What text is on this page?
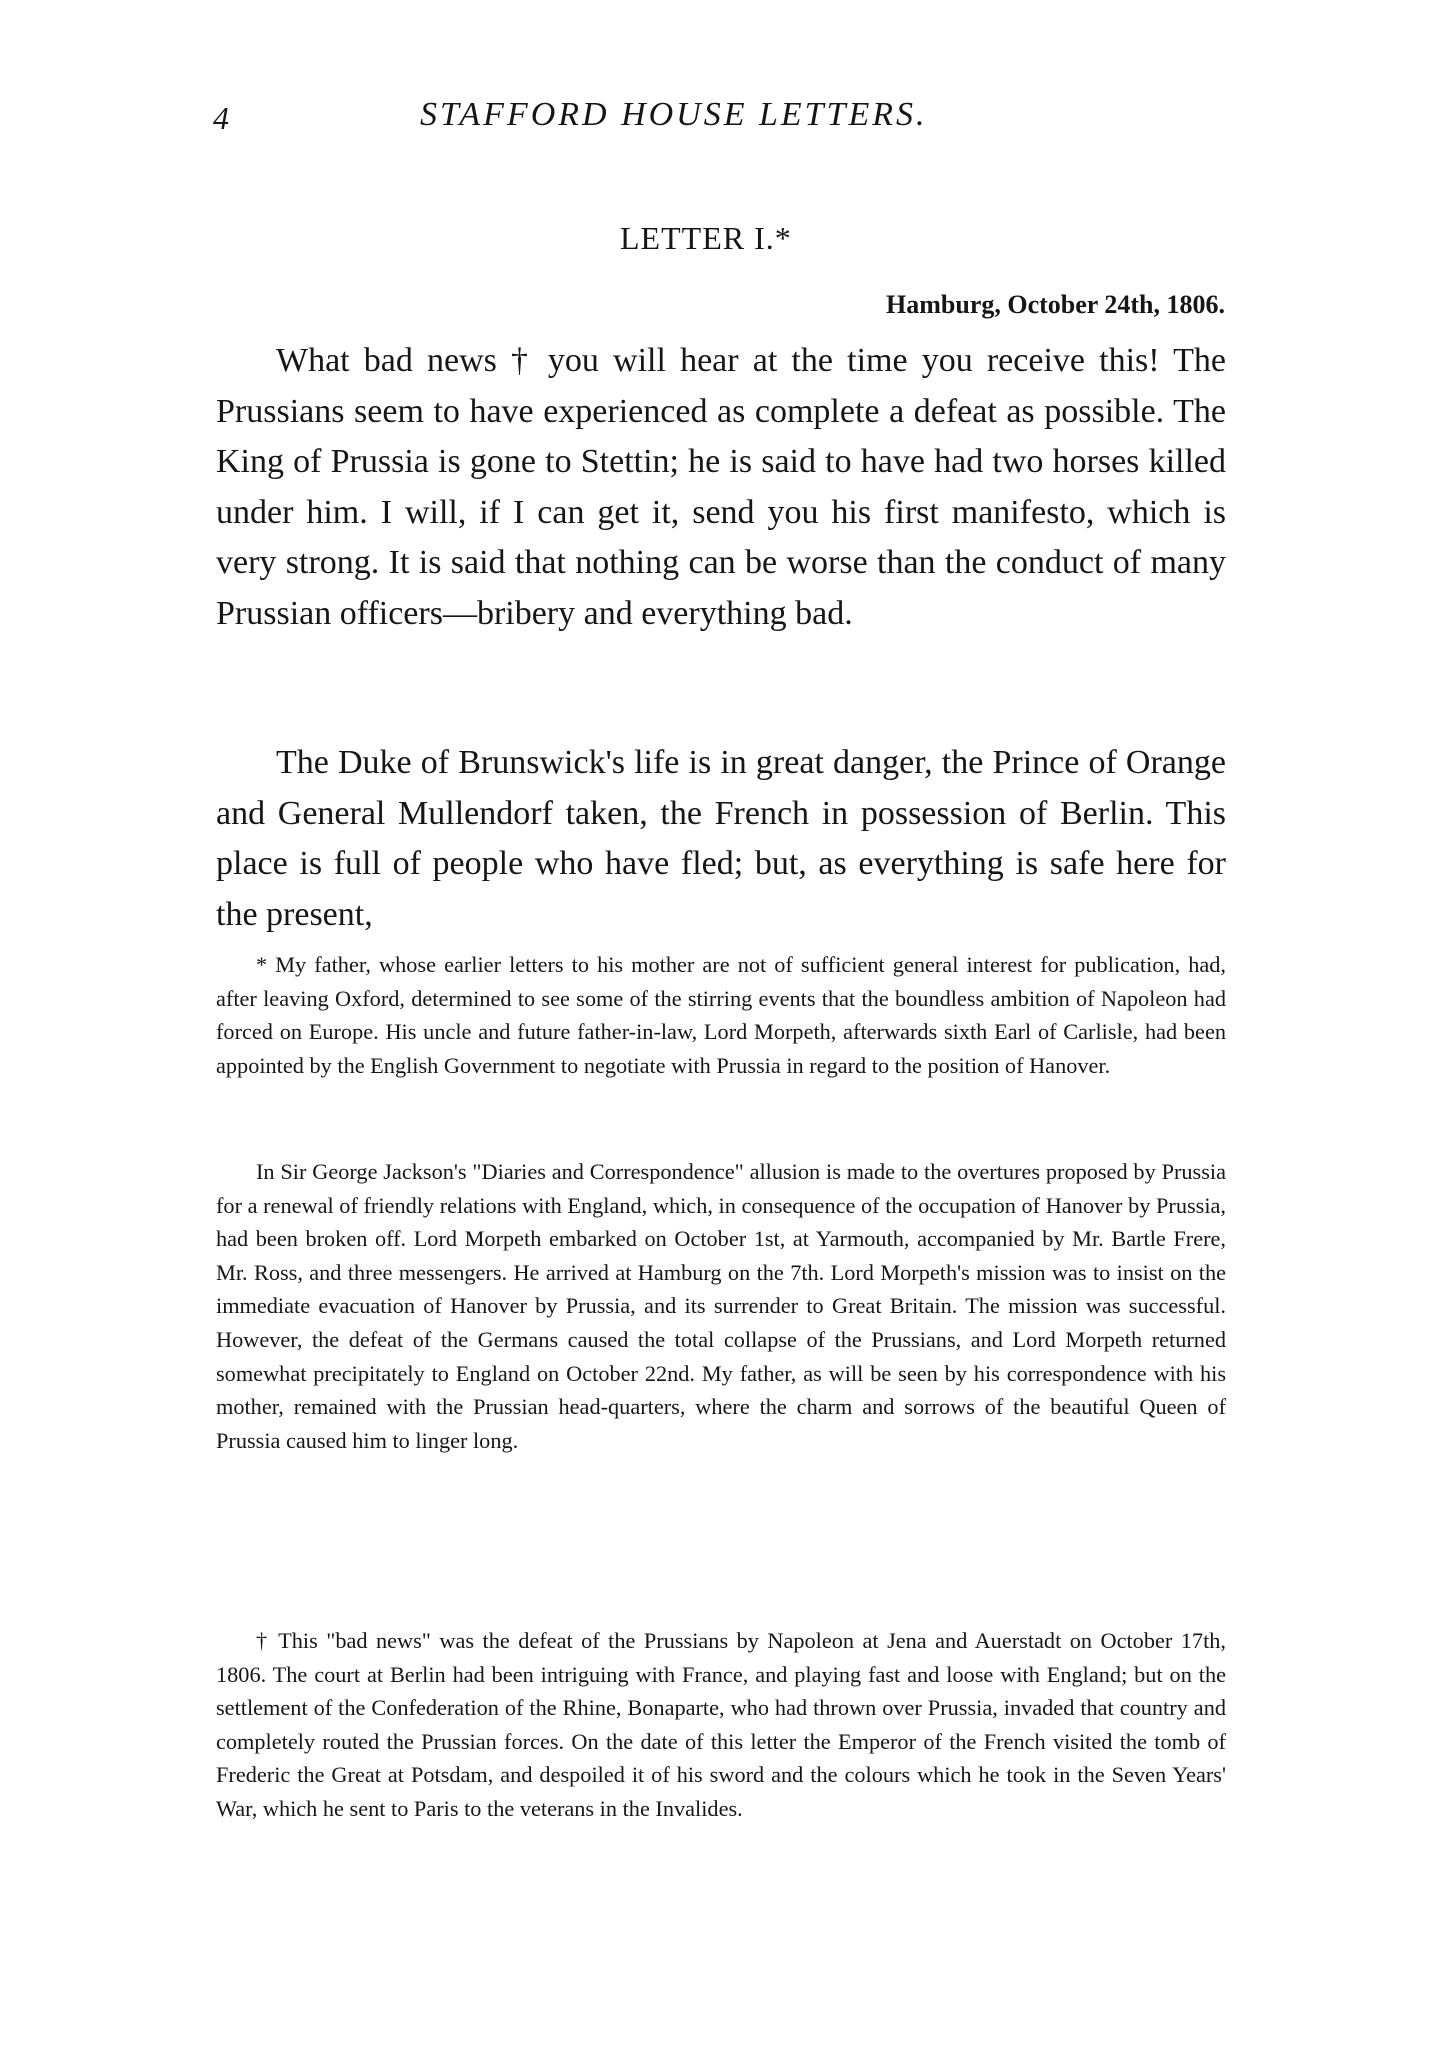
4	STAFFORD HOUSE LETTERS.
LETTER I.*
Hamburg, October 24th, 1806.

What bad news † you will hear at the time you receive this! The Prussians seem to have experienced as complete a defeat as possible. The King of Prussia is gone to Stettin; he is said to have had two horses killed under him. I will, if I can get it, send you his first manifesto, which is very strong. It is said that nothing can be worse than the conduct of many Prussian officers—bribery and everything bad.

The Duke of Brunswick's life is in great danger, the Prince of Orange and General Mullendorf taken, the French in possession of Berlin. This place is full of people who have fled; but, as everything is safe here for the present,

* My father, whose earlier letters to his mother are not of sufficient general interest for publication, had, after leaving Oxford, determined to see some of the stirring events that the boundless ambition of Napoleon had forced on Europe. His uncle and future father-in-law, Lord Morpeth, afterwards sixth Earl of Carlisle, had been appointed by the English Government to negotiate with Prussia in regard to the position of Hanover.

In Sir George Jackson's "Diaries and Correspondence" allusion is made to the overtures proposed by Prussia for a renewal of friendly relations with England, which, in consequence of the occupation of Hanover by Prussia, had been broken off. Lord Morpeth embarked on October 1st, at Yarmouth, accompanied by Mr. Bartle Frere, Mr. Ross, and three messengers. He arrived at Hamburg on the 7th. Lord Morpeth's mission was to insist on the immediate evacuation of Hanover by Prussia, and its surrender to Great Britain. The mission was successful. However, the defeat of the Germans caused the total collapse of the Prussians, and Lord Morpeth returned somewhat precipitately to England on October 22nd. My father, as will be seen by his correspondence with his mother, remained with the Prussian head-quarters, where the charm and sorrows of the beautiful Queen of Prussia caused him to linger long.

† This "bad news" was the defeat of the Prussians by Napoleon at Jena and Auerstadt on October 17th, 1806. The court at Berlin had been intriguing with France, and playing fast and loose with England; but on the settlement of the Confederation of the Rhine, Bonaparte, who had thrown over Prussia, invaded that country and completely routed the Prussian forces. On the date of this letter the Emperor of the French visited the tomb of Frederic the Great at Potsdam, and despoiled it of his sword and the colours which he took in the Seven Years' War, which he sent to Paris to the veterans in the Invalides.
